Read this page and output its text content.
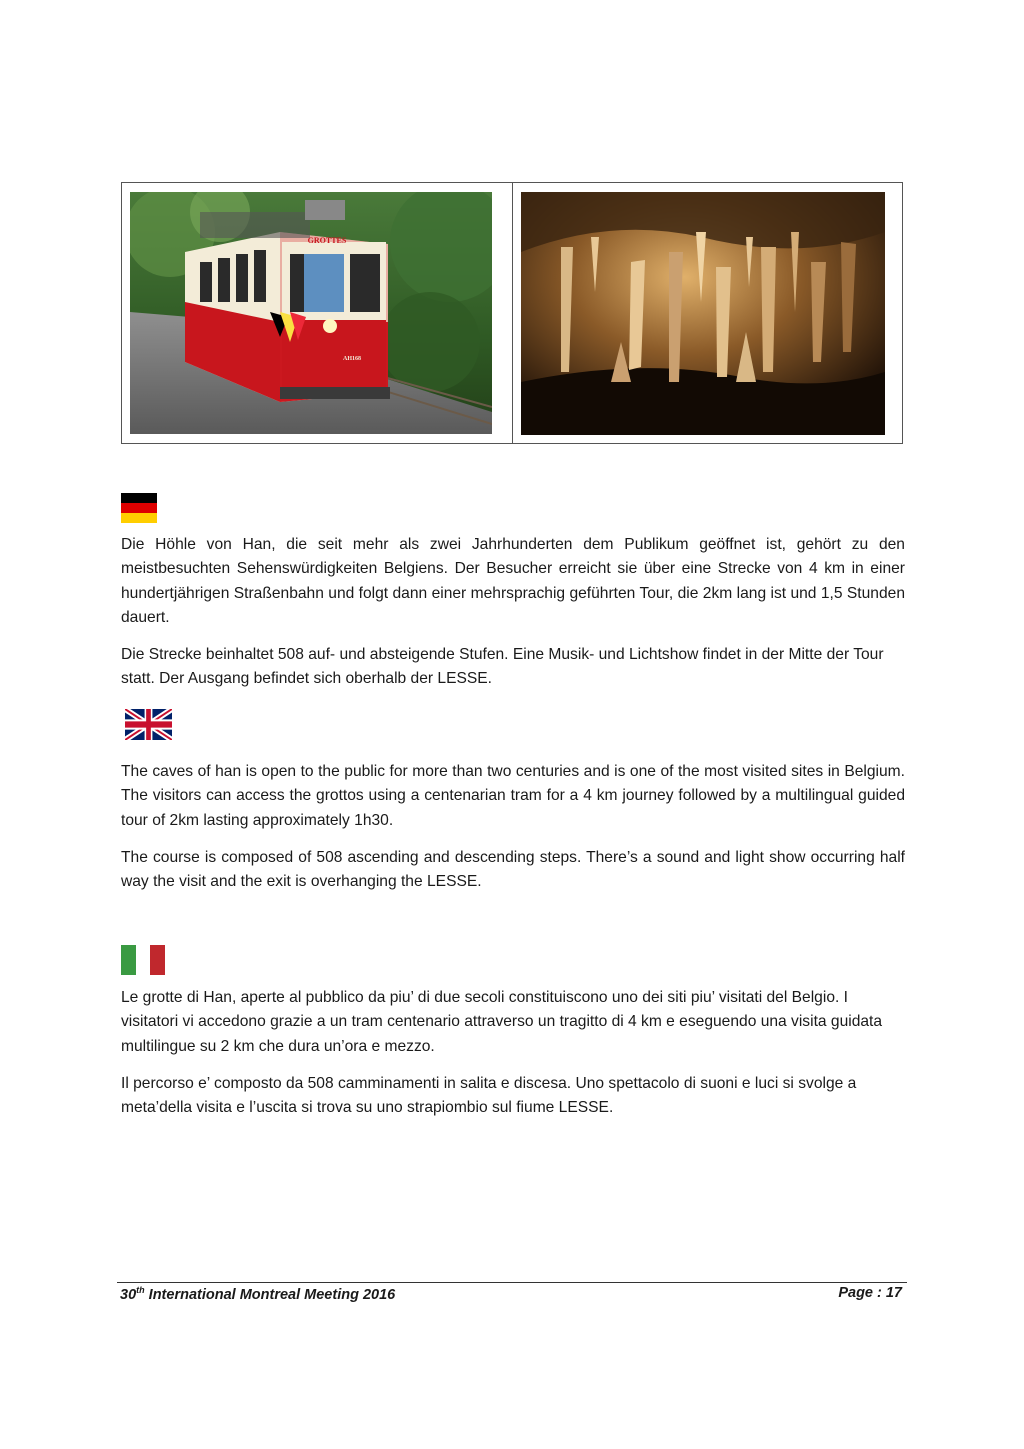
GROTTES
AH168

Die Höhle von Han, die seit mehr als zwei Jahrhunderten dem Publikum geöffnet ist, gehört zu den meistbesuchten Sehenswürdigkeiten Belgiens. Der Besucher erreicht sie über eine Strecke von 4 km in einer hundertjährigen Straßenbahn und folgt dann einer mehrsprachig geführten Tour, die 2km lang ist und 1,5 Stunden dauert.

Die Strecke beinhaltet 508 auf- und absteigende Stufen. Eine Musik- und Lichtshow findet in der Mitte der Tour statt. Der Ausgang befindet sich oberhalb der LESSE.

The caves of han is open to the public for more than two centuries and is one of the most visited sites in Belgium. The visitors can access the grottos using a centenarian tram for a 4 km journey followed by a multilingual guided tour of 2km lasting approximately 1h30.

The course is composed of 508 ascending and descending steps. There’s a sound and light show occurring half way the visit and the exit is overhanging the LESSE.

Le grotte di Han, aperte al pubblico da piu’ di due secoli constituiscono uno dei siti piu’ visitati del Belgio. I visitatori vi accedono grazie a un tram centenario attraverso un tragitto di 4 km e eseguendo una visita guidata multilingue su 2 km che dura un’ora e mezzo.

Il percorso e’ composto da 508 camminamenti in salita e discesa. Uno spettacolo di suoni e luci si svolge a meta’della visita e l’uscita si trova su uno strapiombio sul fiume LESSE.

30th International Montreal Meeting 2016	Page : 17
